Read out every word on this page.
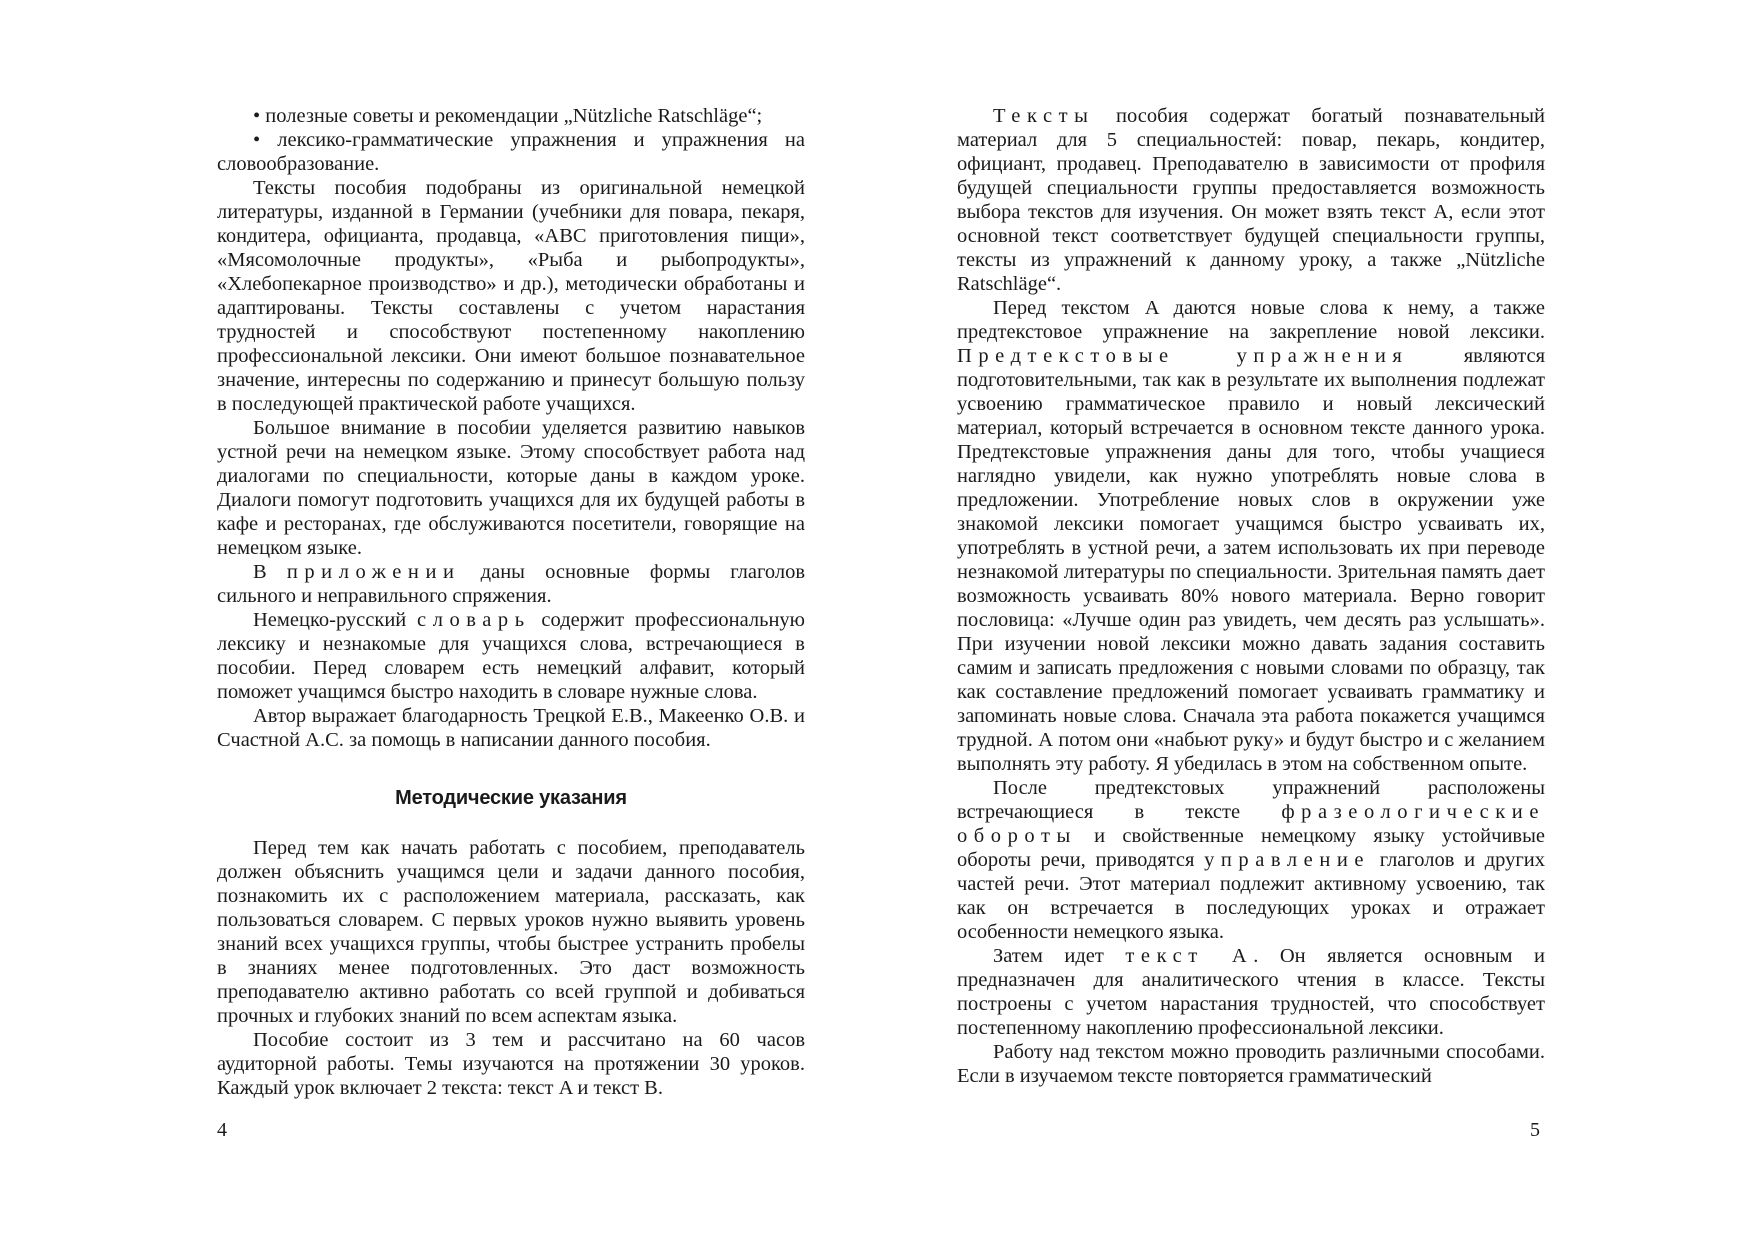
• полезные советы и рекомендации „Nützliche Ratschläge“;

• лексико-грамматические упражнения и упражнения на словообразование.

Тексты пособия подобраны из оригинальной немецкой литературы, изданной в Германии (учебники для повара, пекаря, кондитера, официанта, продавца, «ABC приготовления пищи», «Мясомолочные продукты», «Рыба и рыбопродукты», «Хлебопекарное производство» и др.), методически обработаны и адаптированы. Тексты составлены с учетом нарастания трудностей и способствуют постепенному накоплению профессиональной лексики. Они имеют большое познавательное значение, интересны по содержанию и принесут большую пользу в последующей практической работе учащихся.

Большое внимание в пособии уделяется развитию навыков устной речи на немецком языке. Этому способствует работа над диалогами по специальности, которые даны в каждом уроке. Диалоги помогут подготовить учащихся для их будущей работы в кафе и ресторанах, где обслуживаются посетители, говорящие на немецком языке.

В приложении даны основные формы глаголов сильного и неправильного спряжения.

Немецко-русский словарь содержит профессиональную лексику и незнакомые для учащихся слова, встречающиеся в пособии. Перед словарем есть немецкий алфавит, который поможет учащимся быстро находить в словаре нужные слова.

Автор выражает благодарность Трецкой Е.В., Макеенко О.В. и Счастной А.С. за помощь в написании данного пособия.

Методические указания

Перед тем как начать работать с пособием, преподаватель должен объяснить учащимся цели и задачи данного пособия, познакомить их с расположением материала, рассказать, как пользоваться словарем. С первых уроков нужно выявить уровень знаний всех учащихся группы, чтобы быстрее устранить пробелы в знаниях менее подготовленных. Это даст возможность преподавателю активно работать со всей группой и добиваться прочных и глубоких знаний по всем аспектам языка.

Пособие состоит из 3 тем и рассчитано на 60 часов аудиторной работы. Темы изучаются на протяжении 30 уроков. Каждый урок включает 2 текста: текст A и текст B.

4

Тексты пособия содержат богатый познавательный материал для 5 специальностей: повар, пекарь, кондитер, официант, продавец. Преподавателю в зависимости от профиля будущей специальности группы предоставляется возможность выбора текстов для изучения. Он может взять текст A, если этот основной текст соответствует будущей специальности группы, тексты из упражнений к данному уроку, а также „Nützliche Ratschläge“.

Перед текстом A даются новые слова к нему, а также предтекстовое упражнение на закрепление новой лексики. Предтекстовые упражнения являются подготовительными, так как в результате их выполнения подлежат усвоению грамматическое правило и новый лексический материал, который встречается в основном тексте данного урока. Предтекстовые упражнения даны для того, чтобы учащиеся наглядно увидели, как нужно употреблять новые слова в предложении. Употребление новых слов в окружении уже знакомой лексики помогает учащимся быстро усваивать их, употреблять в устной речи, а затем использовать их при переводе незнакомой литературы по специальности. Зрительная память дает возможность усваивать 80% нового материала. Верно говорит пословица: «Лучше один раз увидеть, чем десять раз услышать». При изучении новой лексики можно давать задания составить самим и записать предложения с новыми словами по образцу, так как составление предложений помогает усваивать грамматику и запоминать новые слова. Сначала эта работа покажется учащимся трудной. А потом они «набьют руку» и будут быстро и с желанием выполнять эту работу. Я убедилась в этом на собственном опыте.

После предтекстовых упражнений расположены встречающиеся в тексте фразеологические обороты и свойственные немецкому языку устойчивые обороты речи, приводятся управление глаголов и других частей речи. Этот материал подлежит активному усвоению, так как он встречается в последующих уроках и отражает особенности немецкого языка.

Затем идет текст A. Он является основным и предназначен для аналитического чтения в классе. Тексты построены с учетом нарастания трудностей, что способствует постепенному накоплению профессиональной лексики.

Работу над текстом можно проводить различными способами. Если в изучаемом тексте повторяется грамматический

5
